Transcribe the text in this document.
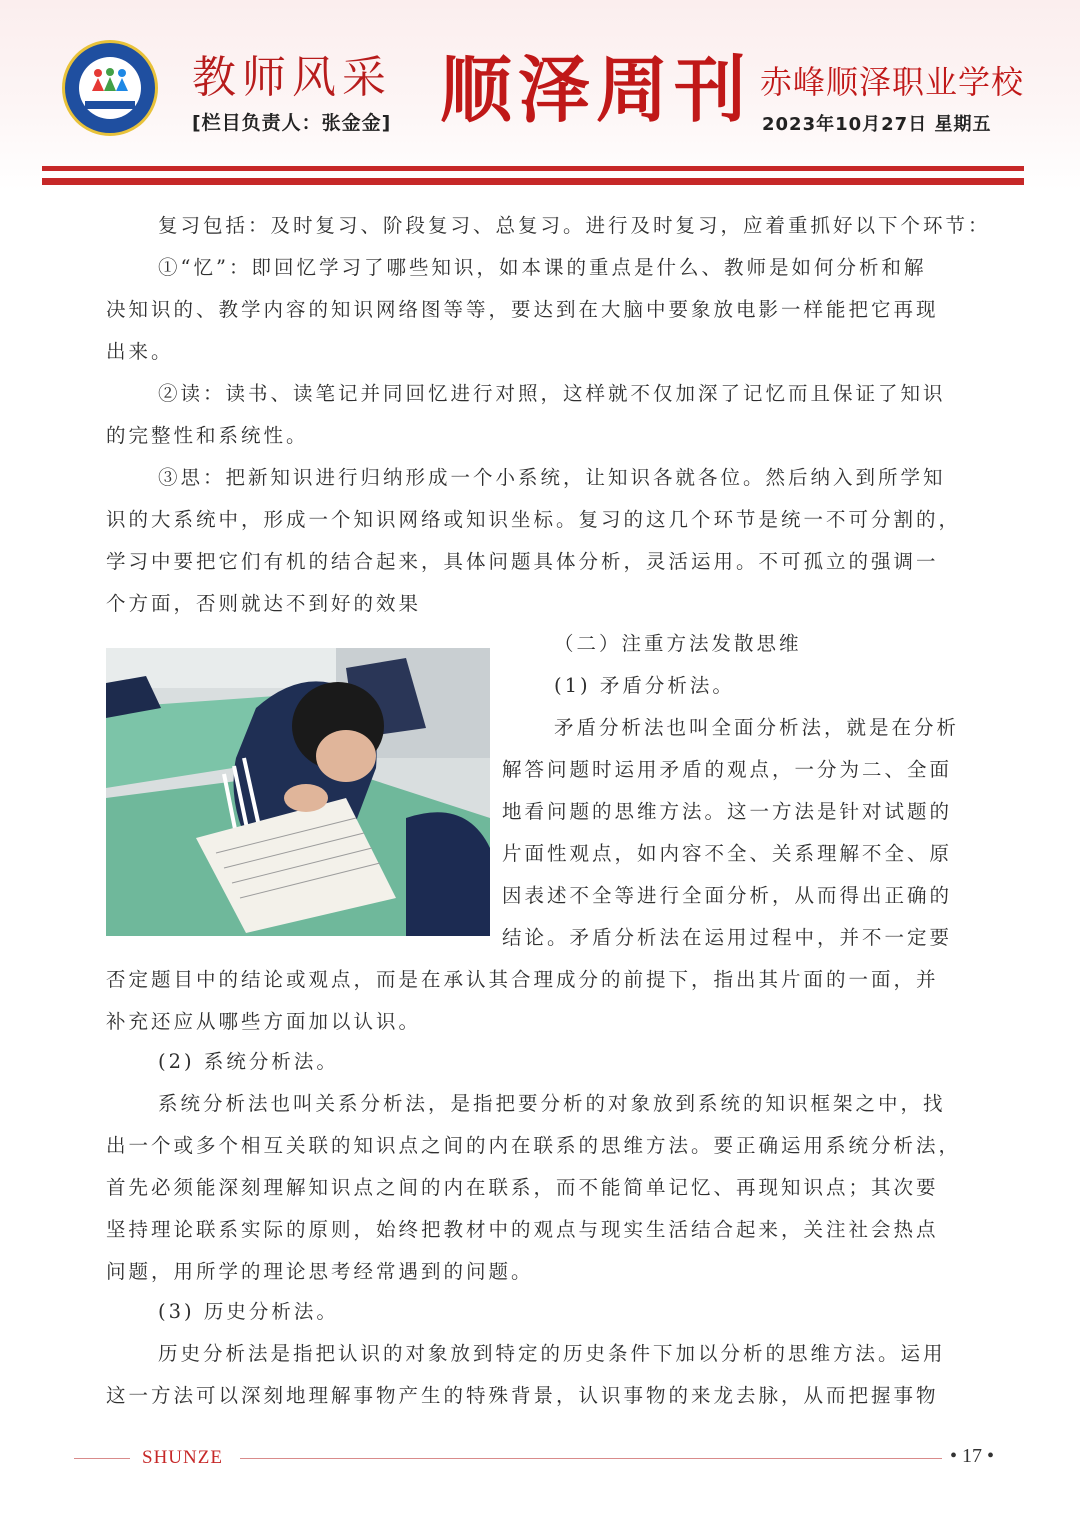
教师风采
[栏目负责人：张金金] 顺泽周刊 赤峰顺泽职业学校
2023年10月27日 星期五

复习包括：及时复习、阶段复习、总复习。进行及时复习，应着重抓好以下个环节：

①“忆”：即回忆学习了哪些知识，如本课的重点是什么、教师是如何分析和解

决知识的、教学内容的知识网络图等等，要达到在大脑中要象放电影一样能把它再现

出来。

②读：读书、读笔记并同回忆进行对照，这样就不仅加深了记忆而且保证了知识

的完整性和系统性。

③思：把新知识进行归纳形成一个小系统，让知识各就各位。然后纳入到所学知

识的大系统中，形成一个知识网络或知识坐标。复习的这几个环节是统一不可分割的，

学习中要把它们有机的结合起来，具体问题具体分析，灵活运用。不可孤立的强调一

个方面，否则就达不到好的效果

（二）注重方法发散思维

(1) 矛盾分析法。

矛盾分析法也叫全面分析法，就是在分析

解答问题时运用矛盾的观点，一分为二、全面

地看问题的思维方法。这一方法是针对试题的

片面性观点，如内容不全、关系理解不全、原

因表述不全等进行全面分析，从而得出正确的

结论。矛盾分析法在运用过程中，并不一定要

否定题目中的结论或观点，而是在承认其合理成分的前提下，指出其片面的一面，并

补充还应从哪些方面加以认识。

(2) 系统分析法。

系统分析法也叫关系分析法，是指把要分析的对象放到系统的知识框架之中，找

出一个或多个相互关联的知识点之间的内在联系的思维方法。要正确运用系统分析法，

首先必须能深刻理解知识点之间的内在联系，而不能简单记忆、再现知识点；其次要

坚持理论联系实际的原则，始终把教材中的观点与现实生活结合起来，关注社会热点

问题，用所学的理论思考经常遇到的问题。

(3) 历史分析法。

历史分析法是指把认识的对象放到特定的历史条件下加以分析的思维方法。运用

这一方法可以深刻地理解事物产生的特殊背景，认识事物的来龙去脉，从而把握事物

SHUNZE	• 17 •
